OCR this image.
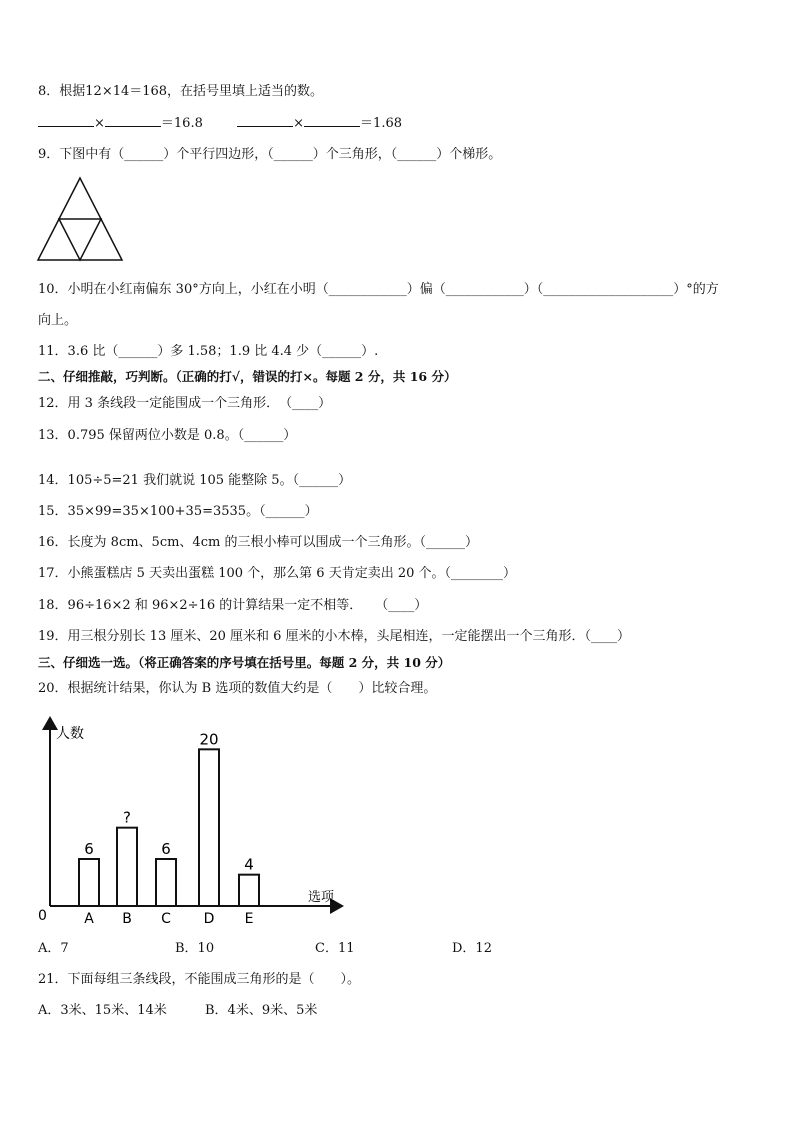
8．根据12×14＝168，在括号里填上适当的数。
×	＝16.8	×	＝1.68
9．下图中有（______）个平行四边形，（______）个三角形，（______）个梯形。
10．小明在小红南偏东 30°方向上，小红在小明（____________）偏（____________）（____________________）°的方
向上。
11．3.6 比（______）多 1.58；1.9 比 4.4 少（______）.
二、仔细推敲，巧判断。（正确的打√，错误的打×。每题 2 分，共 16 分）
12．用 3 条线段一定能围成一个三角形．　（____）
13．0.795 保留两位小数是 0.8。（______）
14．105÷5=21 我们就说 105 能整除 5。（______）
15．35×99=35×100+35=3535。（______）
16．长度为 8cm、5cm、4cm 的三根小棒可以围成一个三角形。（______）
17．小熊蛋糕店 5 天卖出蛋糕 100 个，那么第 6 天肯定卖出 20 个。（________）
18．96÷16×2 和 96×2÷16 的计算结果一定不相等．　　（____）
19．用三根分别长 13 厘米、20 厘米和 6 厘米的小木棒，头尾相连，一定能摆出一个三角形．（____）
三、仔细选一选。（将正确答案的序号填在括号里。每题 2 分，共 10 分）
20．根据统计结果，你认为 B 选项的数值大约是（　　）比较合理。
人数
选项
0
6
A
?
B
6
C
20
D
4
E
A．7	B．10	C．11	D．12
21．下面每组三条线段，不能围成三角形的是（　　）。
A．3米、15米、14米	B．4米、9米、5米
